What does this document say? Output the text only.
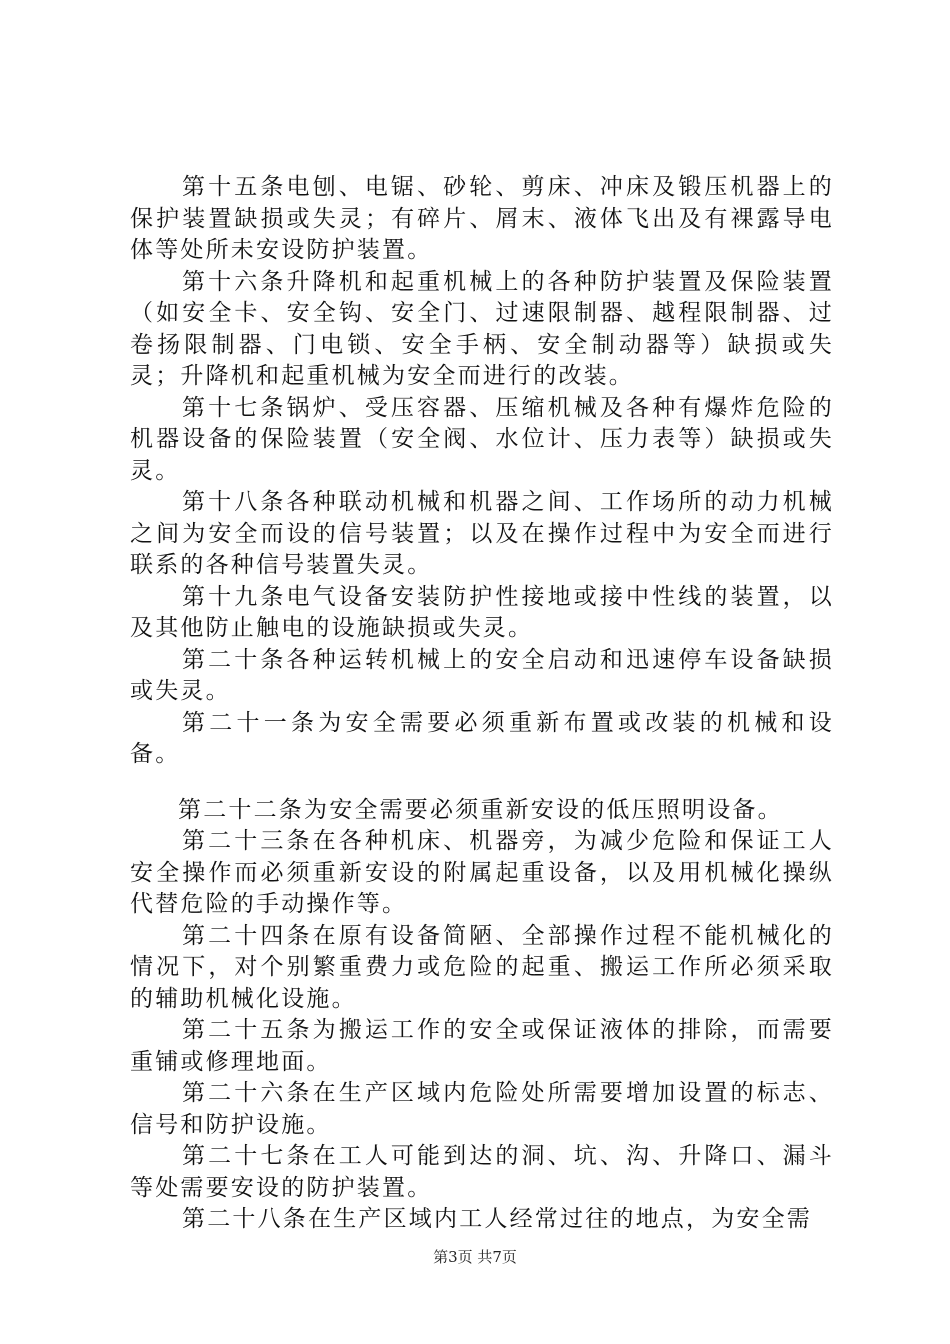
第十五条电刨、电锯、砂轮、剪床、冲床及锻压机器上的保护装置缺损或失灵；有碎片、屑末、液体飞出及有裸露导电体等处所未安设防护装置。

第十六条升降机和起重机械上的各种防护装置及保险装置（如安全卡、安全钩、安全门、过速限制器、越程限制器、过卷扬限制器、门电锁、安全手柄、安全制动器等）缺损或失灵；升降机和起重机械为安全而进行的改装。

第十七条锅炉、受压容器、压缩机械及各种有爆炸危险的机器设备的保险装置（安全阀、水位计、压力表等）缺损或失灵。

第十八条各种联动机械和机器之间、工作场所的动力机械之间为安全而设的信号装置；以及在操作过程中为安全而进行联系的各种信号装置失灵。

第十九条电气设备安装防护性接地或接中性线的装置，以及其他防止触电的设施缺损或失灵。

第二十条各种运转机械上的安全启动和迅速停车设备缺损或失灵。

第二十一条为安全需要必须重新布置或改装的机械和设备。

第二十二条为安全需要必须重新安设的低压照明设备。

第二十三条在各种机床、机器旁，为减少危险和保证工人安全操作而必须重新安设的附属起重设备，以及用机械化操纵代替危险的手动操作等。

第二十四条在原有设备简陋、全部操作过程不能机械化的情况下，对个别繁重费力或危险的起重、搬运工作所必须采取的辅助机械化设施。

第二十五条为搬运工作的安全或保证液体的排除，而需要重铺或修理地面。

第二十六条在生产区域内危险处所需要增加设置的标志、信号和防护设施。

第二十七条在工人可能到达的洞、坑、沟、升降口、漏斗等处需要安设的防护装置。

第二十八条在生产区域内工人经常过往的地点，为安全需

第3页 共7页
